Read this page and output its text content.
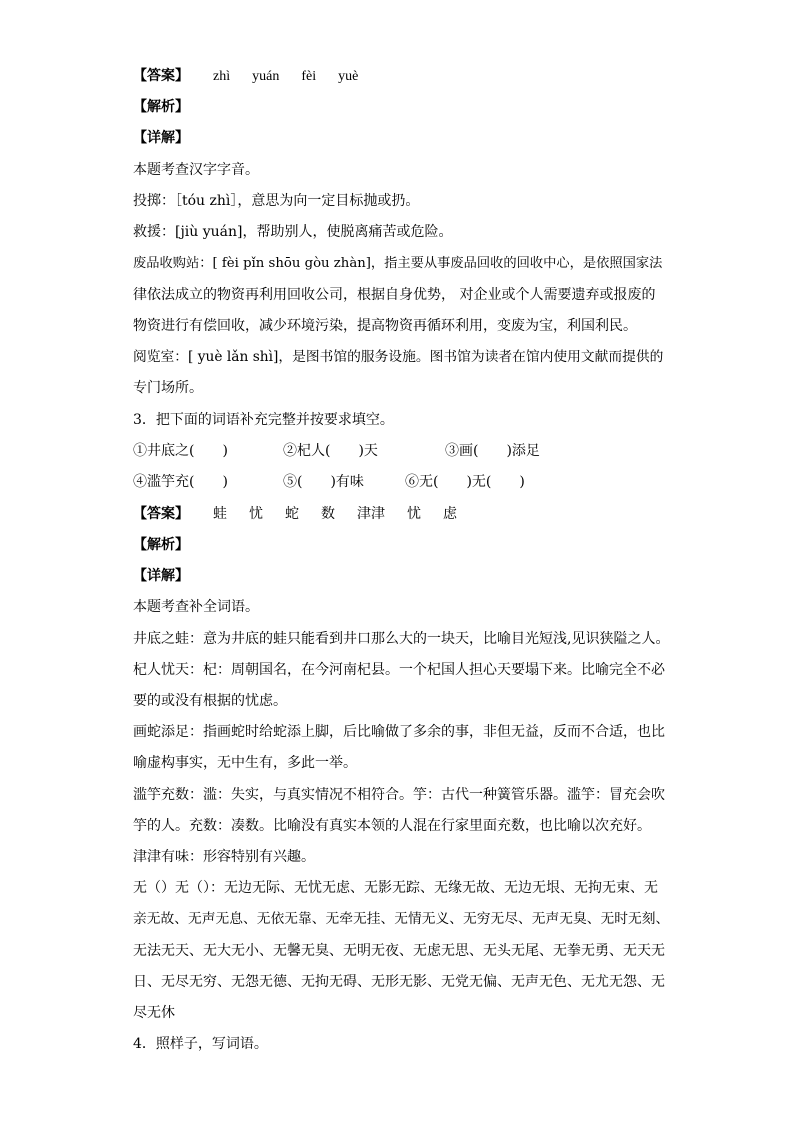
【答案】 zhì yuán fèi yuè
【解析】
【详解】
本题考查汉字字音。
投掷：［tóu zhì］，意思为向一定目标抛或扔。
救援：[jiù yuán]，帮助别人，使脱离痛苦或危险。
废品收购站：[ fèi pǐn shōu gòu zhàn]，指主要从事废品回收的回收中心，是依照国家法
律依法成立的物资再利用回收公司，根据自身优势， 对企业或个人需要遗弃或报废的
物资进行有偿回收，减少环境污染，提高物资再循环利用，变废为宝，利国利民。
阅览室：[ yuè lǎn shì]，是图书馆的服务设施。图书馆为读者在馆内使用文献而提供的
专门场所。
3．把下面的词语补充完整并按要求填空。
①井底之(　　)	②杞人(　　)天	③画(　　)添足
④滥竽充(　　)	⑤(　　)有味	⑥无(　　)无(　　)
【答案】 蛙 忧 蛇 数 津津 忧 虑
【解析】
【详解】
本题考查补全词语。
井底之蛙：意为井底的蛙只能看到井口那么大的一块天，比喻目光短浅,见识狭隘之人。
杞人忧天：杞：周朝国名，在今河南杞县。一个杞国人担心天要塌下来。比喻完全不必
要的或没有根据的忧虑。
画蛇添足：指画蛇时给蛇添上脚，后比喻做了多余的事，非但无益，反而不合适，也比
喻虚构事实，无中生有，多此一举。
滥竽充数：滥：失实，与真实情况不相符合。竽：古代一种簧管乐器。滥竽：冒充会吹
竽的人。充数：凑数。比喻没有真实本领的人混在行家里面充数，也比喻以次充好。
津津有味：形容特别有兴趣。
无（）无（）：无边无际、无忧无虑、无影无踪、无缘无故、无边无垠、无拘无束、无
亲无故、无声无息、无依无靠、无牵无挂、无情无义、无穷无尽、无声无臭、无时无刻、
无法无天、无大无小、无馨无臭、无明无夜、无虑无思、无头无尾、无拳无勇、无天无
日、无尽无穷、无怨无德、无拘无碍、无形无影、无党无偏、无声无色、无尤无怨、无
尽无休
4．照样子，写词语。
